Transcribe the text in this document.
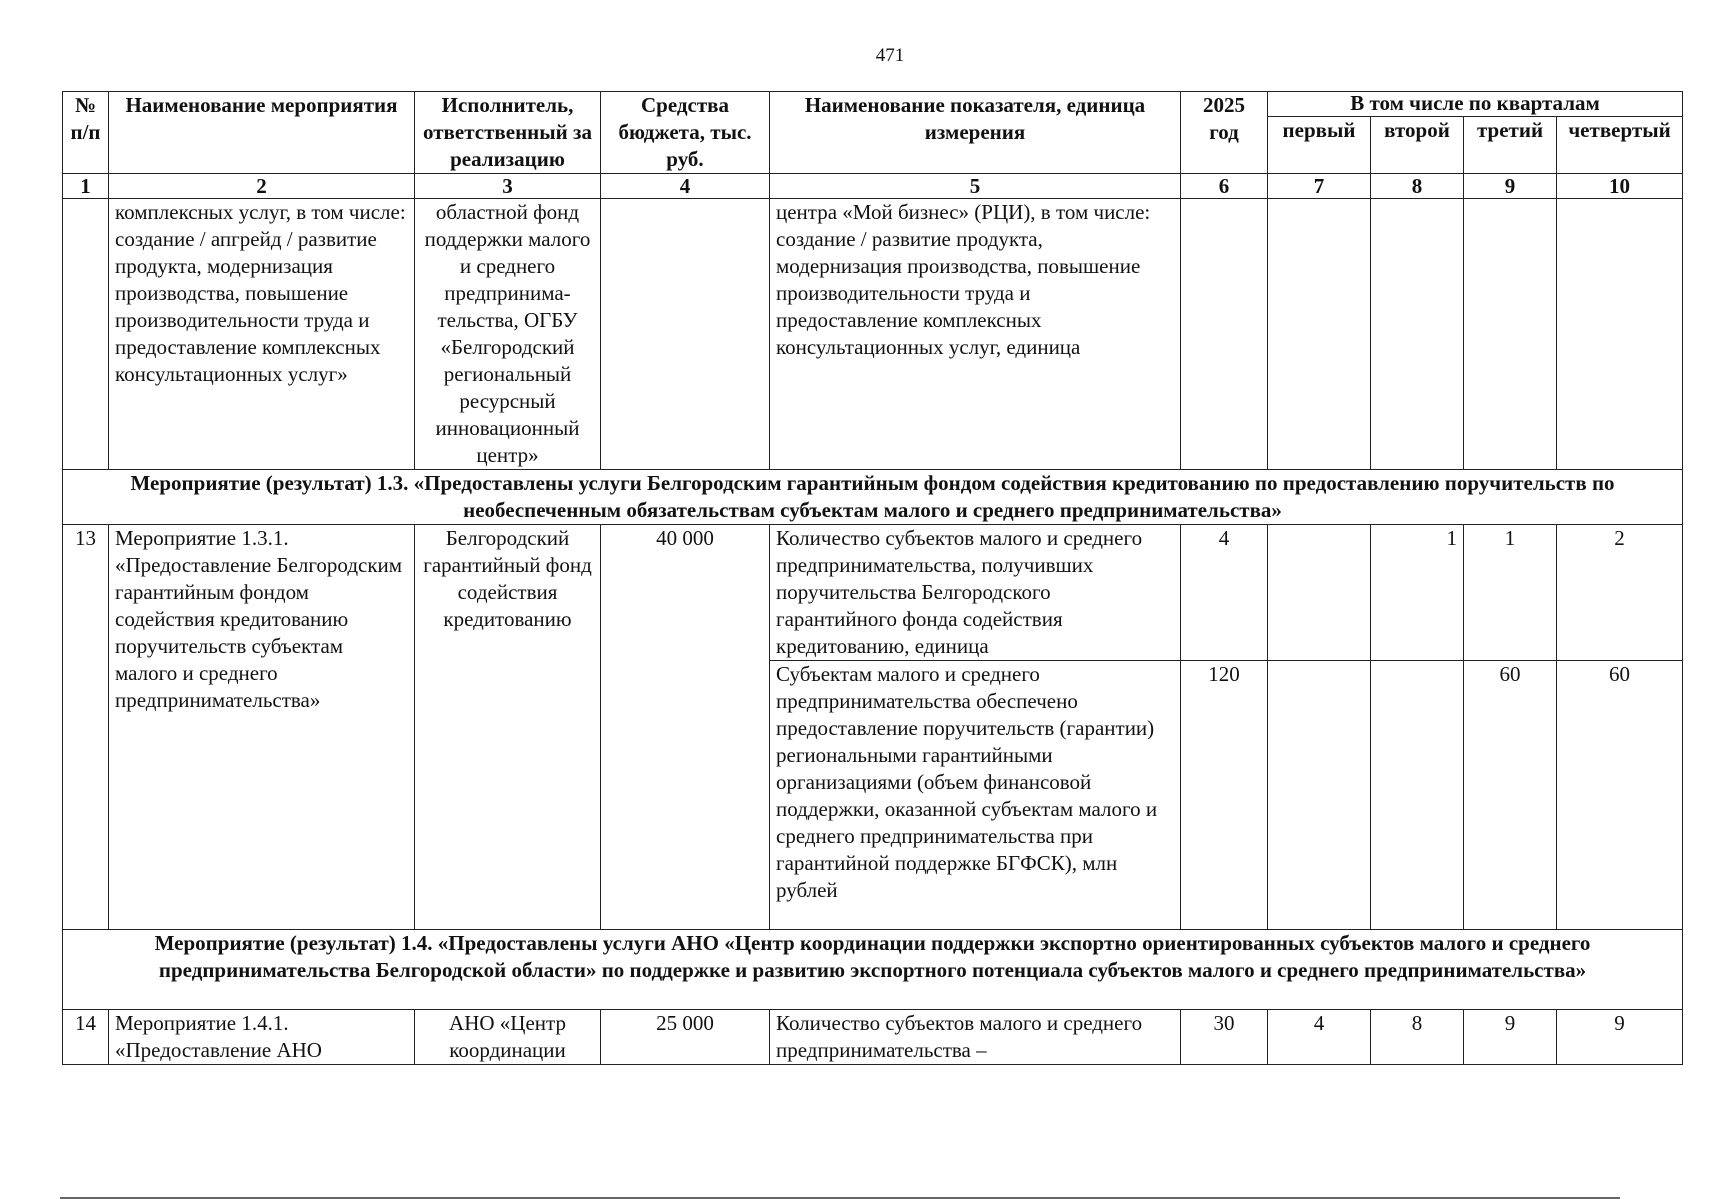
471
№ п/п	Наименование мероприятия	Исполнитель, ответственный за реализацию	Средства бюджета, тыс. руб.	Наименование показателя, единица измерения	2025 год	В том числе по кварталам			
						первый	второй	третий	четвертый
1	2	3	4	5	6	7	8	9	10
	комплексных услуг, в том числе: создание / апгрейд / развитие продукта, модернизация производства, повышение производительности труда и предоставление комплексных консультационных услуг»	областной фонд поддержки малого и среднего предпринима-тельства, ОГБУ «Белгородский региональный ресурсный инновационный центр»		центра «Мой бизнес» (РЦИ), в том числе: создание / развитие продукта, модернизация производства, повышение производительности труда и предоставление комплексных консультационных услуг, единица					
Мероприятие (результат) 1.3. «Предоставлены услуги Белгородским гарантийным фондом содействия кредитованию по предоставлению поручительств по необеспеченным обязательствам субъектам малого и среднего предпринимательства»									
13	Мероприятие 1.3.1. «Предоставление Белгородским гарантийным фондом содействия кредитованию поручительств субъектам малого и среднего предпринимательства»	Белгородский гарантийный фонд содействия кредитованию	40 000	Количество субъектов малого и среднего предпринимательства, получивших поручительства Белгородского гарантийного фонда содействия кредитованию, единица	4		1	1	2
				Субъектам малого и среднего предпринимательства обеспечено предоставление поручительств (гарантии) региональными гарантийными организациями (объем финансовой поддержки, оказанной субъектам малого и среднего предпринимательства при гарантийной поддержке БГФСК), млн рублей	120			60	60
Мероприятие (результат) 1.4. «Предоставлены услуги АНО «Центр координации поддержки экспортно ориентированных субъектов малого и среднего предпринимательства Белгородской области» по поддержке и развитию экспортного потенциала субъектов малого и среднего предпринимательства»									
14	Мероприятие 1.4.1. «Предоставление АНО	АНО «Центр координации	25 000	Количество субъектов малого и среднего предпринимательства –	30	4	8	9	9
